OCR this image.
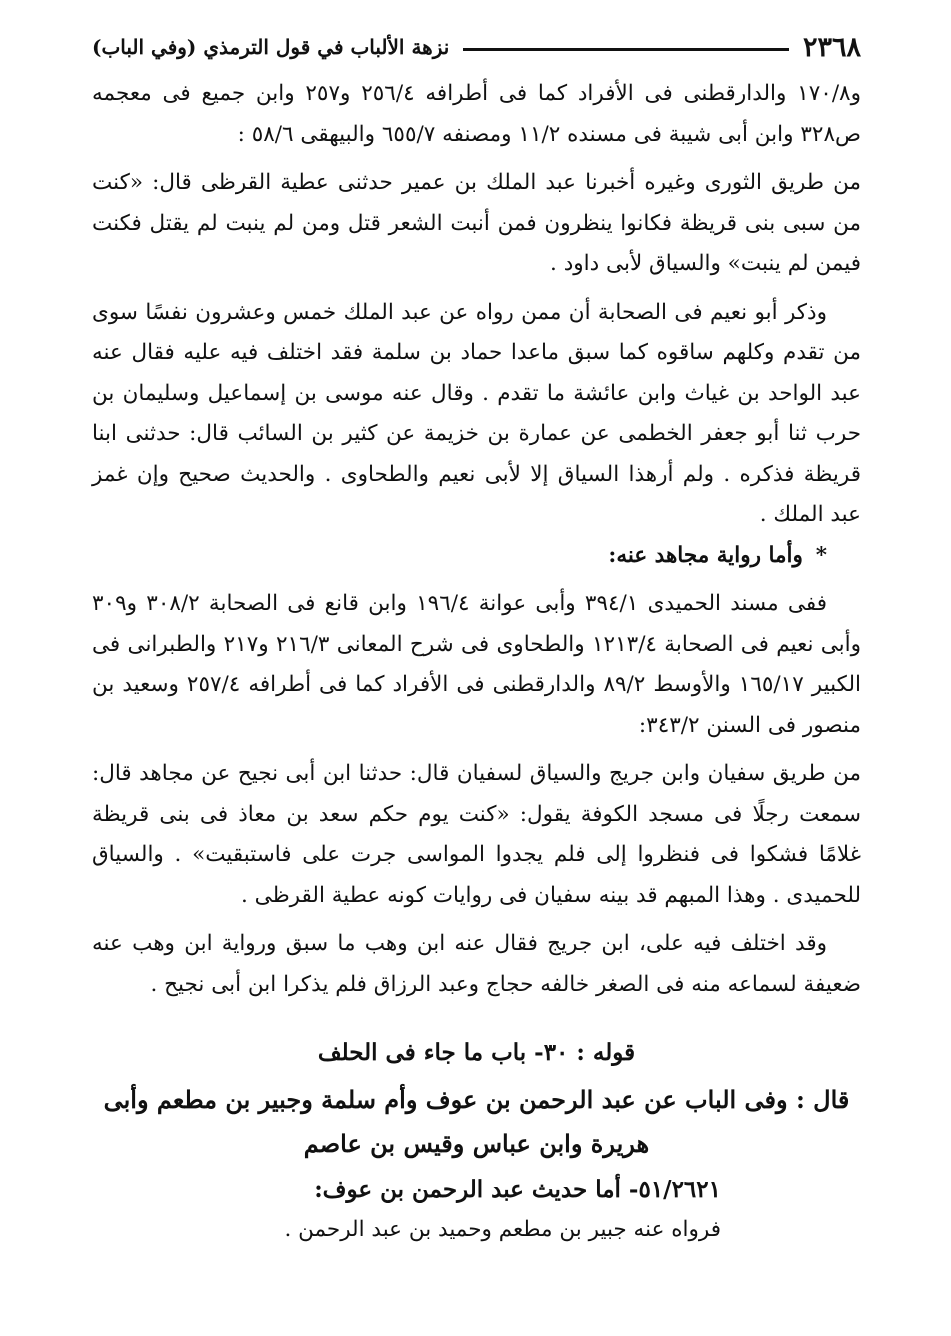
٢٣٦٨
نزهة الألباب في قول الترمذي (وفي الباب)

و١٧٠/٨ والدارقطنى فى الأفراد كما فى أطرافه ٢٥٦/٤ و٢٥٧ وابن جميع فى معجمه ص٣٢٨ وابن أبى شيبة فى مسنده ١١/٢ ومصنفه ٦٥٥/٧ والبيهقى ٥٨/٦ :

من طريق الثورى وغيره أخبرنا عبد الملك بن عمير حدثنى عطية القرظى قال: «كنت من سبى بنى قريظة فكانوا ينظرون فمن أنبت الشعر قتل ومن لم ينبت لم يقتل فكنت فيمن لم ينبت» والسياق لأبى داود .

وذكر أبو نعيم فى الصحابة أن ممن رواه عن عبد الملك خمس وعشرون نفسًا سوى من تقدم وكلهم ساقوه كما سبق ماعدا حماد بن سلمة فقد اختلف فيه عليه فقال عنه عبد الواحد بن غياث وابن عائشة ما تقدم . وقال عنه موسى بن إسماعيل وسليمان بن حرب ثنا أبو جعفر الخطمى عن عمارة بن خزيمة عن كثير بن السائب قال: حدثنى ابنا قريظة فذكره . ولم أرهذا السياق إلا لأبى نعيم والطحاوى . والحديث صحيح وإن غمز عبد الملك .

* وأما رواية مجاهد عنه:

ففى مسند الحميدى ٣٩٤/١ وأبى عوانة ١٩٦/٤ وابن قانع فى الصحابة ٣٠٨/٢ و٣٠٩ وأبى نعيم فى الصحابة ١٢١٣/٤ والطحاوى فى شرح المعانى ٢١٦/٣ و٢١٧ والطبرانى فى الكبير ١٦٥/١٧ والأوسط ٨٩/٢ والدارقطنى فى الأفراد كما فى أطرافه ٢٥٧/٤ وسعيد بن منصور فى السنن ٣٤٣/٢:

من طريق سفيان وابن جريج والسياق لسفيان قال: حدثنا ابن أبى نجيح عن مجاهد قال: سمعت رجلًا فى مسجد الكوفة يقول: «كنت يوم حكم سعد بن معاذ فى بنى قريظة غلامًا فشكوا فى فنظروا إلى فلم يجدوا المواسى جرت على فاستبقيت» . والسياق للحميدى . وهذا المبهم قد بينه سفيان فى روايات كونه عطية القرظى .

وقد اختلف فيه على، ابن جريج فقال عنه ابن وهب ما سبق ورواية ابن وهب عنه ضعيفة لسماعه منه فى الصغر خالفه حجاج وعبد الرزاق فلم يذكرا ابن أبى نجيح .

قوله : ٣٠- باب ما جاء فى الحلف

قال : وفى الباب عن عبد الرحمن بن عوف وأم سلمة وجبير بن مطعم وأبى هريرة وابن عباس وقيس بن عاصم

٥١/٢٦٢١- أما حديث عبد الرحمن بن عوف:

فرواه عنه جبير بن مطعم وحميد بن عبد الرحمن .
